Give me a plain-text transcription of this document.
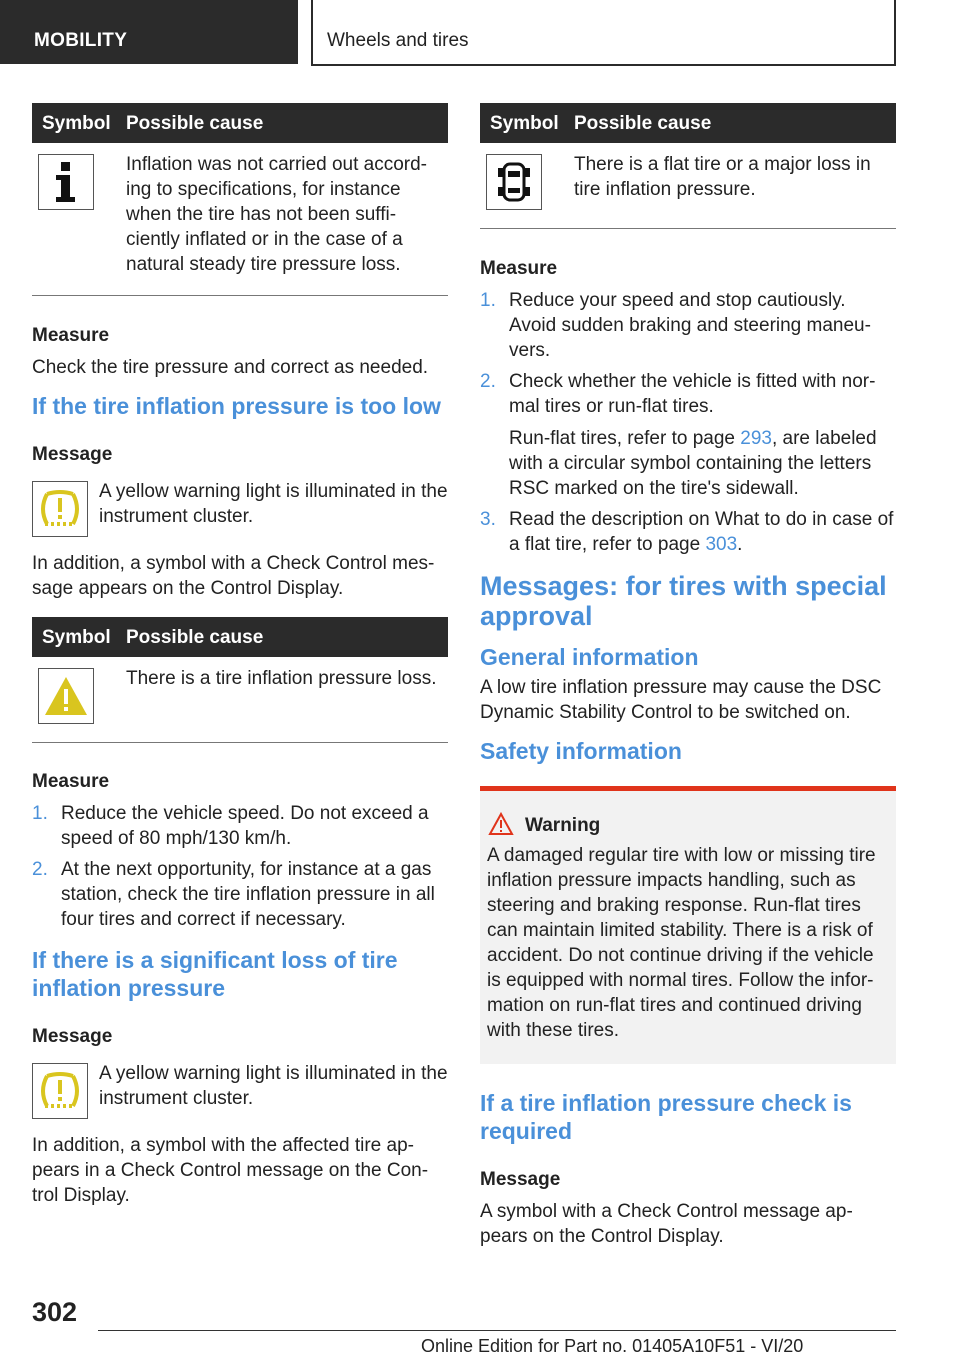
MOBILITY	Wheels and tires
Symbol	Possible cause

	Inflation was not carried out accord-ing to specifications, for instance when the tire has not been suffi-ciently inflated or in the case of a natural steady tire pressure loss.
Measure

Check the tire pressure and correct as needed.

If the tire inflation pressure is too low
Message
A yellow warning light is illuminated in the instrument cluster.

In addition, a symbol with a Check Control mes-sage appears on the Control Display.

Symbol	Possible cause

	There is a tire inflation pressure loss.
Measure
1. Reduce the vehicle speed. Do not exceed a speed of 80 mph/130 km/h.
2. At the next opportunity, for instance at a gas station, check the tire inflation pressure in all four tires and correct if necessary.
If there is a significant loss of tire inflation pressure
Message
A yellow warning light is illuminated in the instrument cluster.

In addition, a symbol with the affected tire ap-pears in a Check Control message on the Con-trol Display.

Symbol	Possible cause

	There is a flat tire or a major loss in tire inflation pressure.
Measure
1. Reduce your speed and stop cautiously. Avoid sudden braking and steering maneu-vers.
2. Check whether the vehicle is fitted with nor-mal tires or run-flat tires.
Run-flat tires, refer to page 293, are labeled with a circular symbol containing the letters RSC marked on the tire's sidewall.
3. Read the description on What to do in case of a flat tire, refer to page 303.
Messages: for tires with special approval
General information

A low tire inflation pressure may cause the DSC Dynamic Stability Control to be switched on.

Safety information
Warning

A damaged regular tire with low or missing tire inflation pressure impacts handling, such as steering and braking response. Run-flat tires can maintain limited stability. There is a risk of accident. Do not continue driving if the vehicle is equipped with normal tires. Follow the infor-mation on run-flat tires and continued driving with these tires.

If a tire inflation pressure check is required
Message

A symbol with a Check Control message ap-pears on the Control Display.

302
Online Edition for Part no. 01405A10F51 - VI/20
